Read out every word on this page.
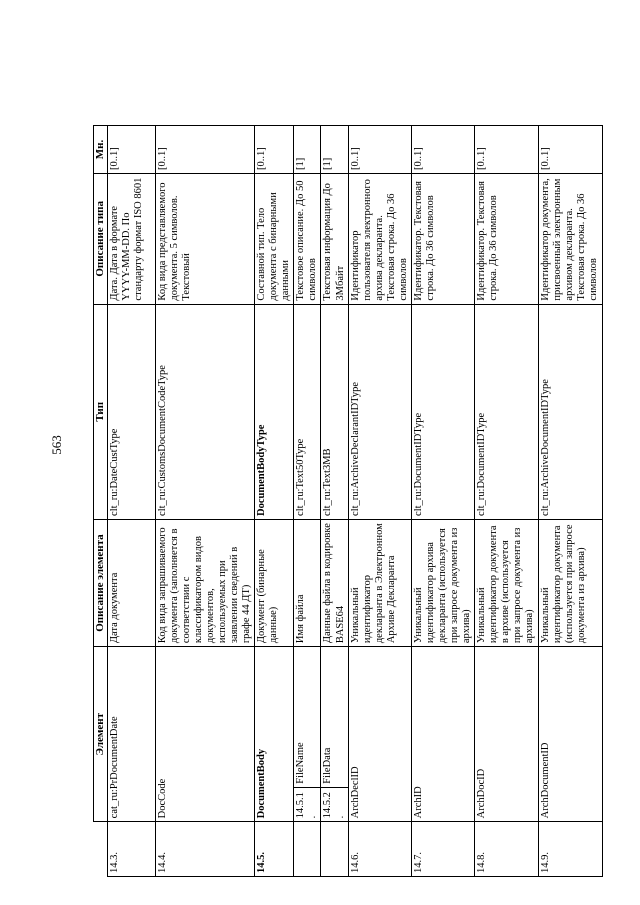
563
	Элемент		Описание элемента	Тип	Описание типа	Мн.
14.3.	cat_ru:PrDocumentDate		Дата документа	clt_ru:DateCustType	Дата. Дата в формате YYYY-MM-DD. По стандарту формат ISO 8601	[0..1]
14.4.	DocCode		Код вида запрашиваемого документа (заполняется в соответствии с классификатором видов документов, используемых при заявлении сведений в графе 44 ДТ)	clt_ru:CustomsDocumentCodeType	Код вида представляемого документа. 5 символов. Текстовый	[0..1]
14.5.	DocumentBody		Документ (бинарные данные)	DocumentBodyType	Составной тип. Тело документа с бинарными данными	[0..1]
	14.5.1.	FileName	Имя файла	clt_ru:Text50Type	Текстовое описание. До 50 символов	[1]
	14.5.2.	FileData	Данные файла в кодировке BASE64	clt_ru:Text3MB	Текстовая информация До 3Мбайт	[1]
14.6.	ArchDeclID		Уникальный идентификатор декларанта в Электронном Архиве Декларанта	clt_ru:ArchiveDeclarantIDType	Идентификатор пользователя электронного архива декларанта. Текстовая строка. До 36 символов	[0..1]
14.7.	ArchID		Уникальный идентификатор архива декларанта (используется при запросе документа из архива)	clt_ru:DocumentIDType	Идентификатор. Текстовая строка. До 36 символов	[0..1]
14.8.	ArchDocID		Уникальный идентификатор документа в архиве (используется при запросе документа из архива)	clt_ru:DocumentIDType	Идентификатор. Текстовая строка. До 36 символов	[0..1]
14.9.	ArchDocumentID		Уникальный идентификатор документа (используется при запросе документа из архива)	clt_ru:ArchiveDocumentIDType	Идентификатор документа, присвоенный электронным архивом декларанта. Текстовая строка. До 36 символов	[0..1]
